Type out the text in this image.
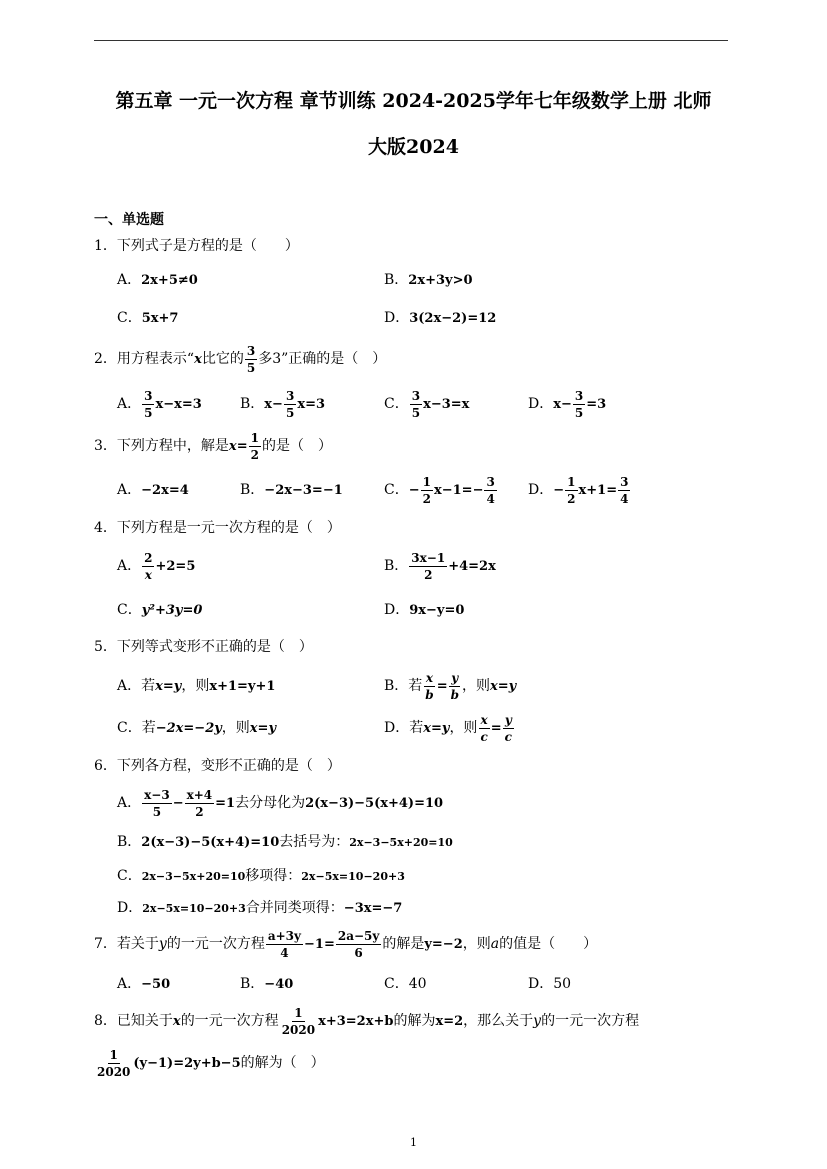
第五章 一元一次方程 章节训练 2024-2025学年七年级数学上册 北师
大版2024
一、单选题
1．下列式子是方程的是（　　）
A．2x+5≠0	B．2x+3y>0
C．5x+7	D．3(2x−2)=12
2．用方程表示“x比它的 $\frac{3}{5}$ 多3”正确的是（　）
A． $\frac{3}{5} x-x=3$	B．$x- \frac{3}{5} x=3$	C． $\frac{3}{5} x-3=x$	D．$x- \frac{3}{5} =3$
3．下列方程中，解是$x= \frac{1}{2}$ 的是（　）
A．−2x=4	B．−2x−3=−1	C．− $\frac{1}{2} x-1=- \frac{3}{4}$ D．− $\frac{1}{2} x+1= \frac{3}{4}$
4．下列方程是一元一次方程的是（　）
A． $\frac{2}{x} +2=5$	B． $\frac{3x-1}{2} +4=2x$
C．y²+3y=0	D．9x−y=0
5．下列等式变形不正确的是（　）
A．若x=y，则x+1=y+1	B．若 $\frac{x}{b} = \frac{y}{b}$ ，则x=y
C．若−2x=−2y，则x=y	D．若x=y，则 $\frac{x}{c} = \frac{y}{c}$
6．下列各方程，变形不正确的是（　）
A． $\frac{x-3}{5} - \frac{x+4}{2} =1$去分母化为2(x−3)−5(x+4)=10
B．2(x−3)−5(x+4)=10去括号为：2x−3−5x+20=10
C．2x−3−5x+20=10移项得：2x−5x=10−20+3
D．2x−5x=10−20+3合并同类项得：−3x=−7
7．若关于y的一元一次方程 $\frac{a+3y}{4} -1= \frac{2a-5y}{6}$ 的解是y=−2，则a的值是（　　）
A．−50	B．−40	C．40	D．50
8．已知关于x的一元一次方程 $\frac{1}{2020} x+3=2x+b$的解为x=2，那么关于y的一元一次方程
$\frac{1}{2020} (y-1)=2y+b-5$的解为（　）
1
